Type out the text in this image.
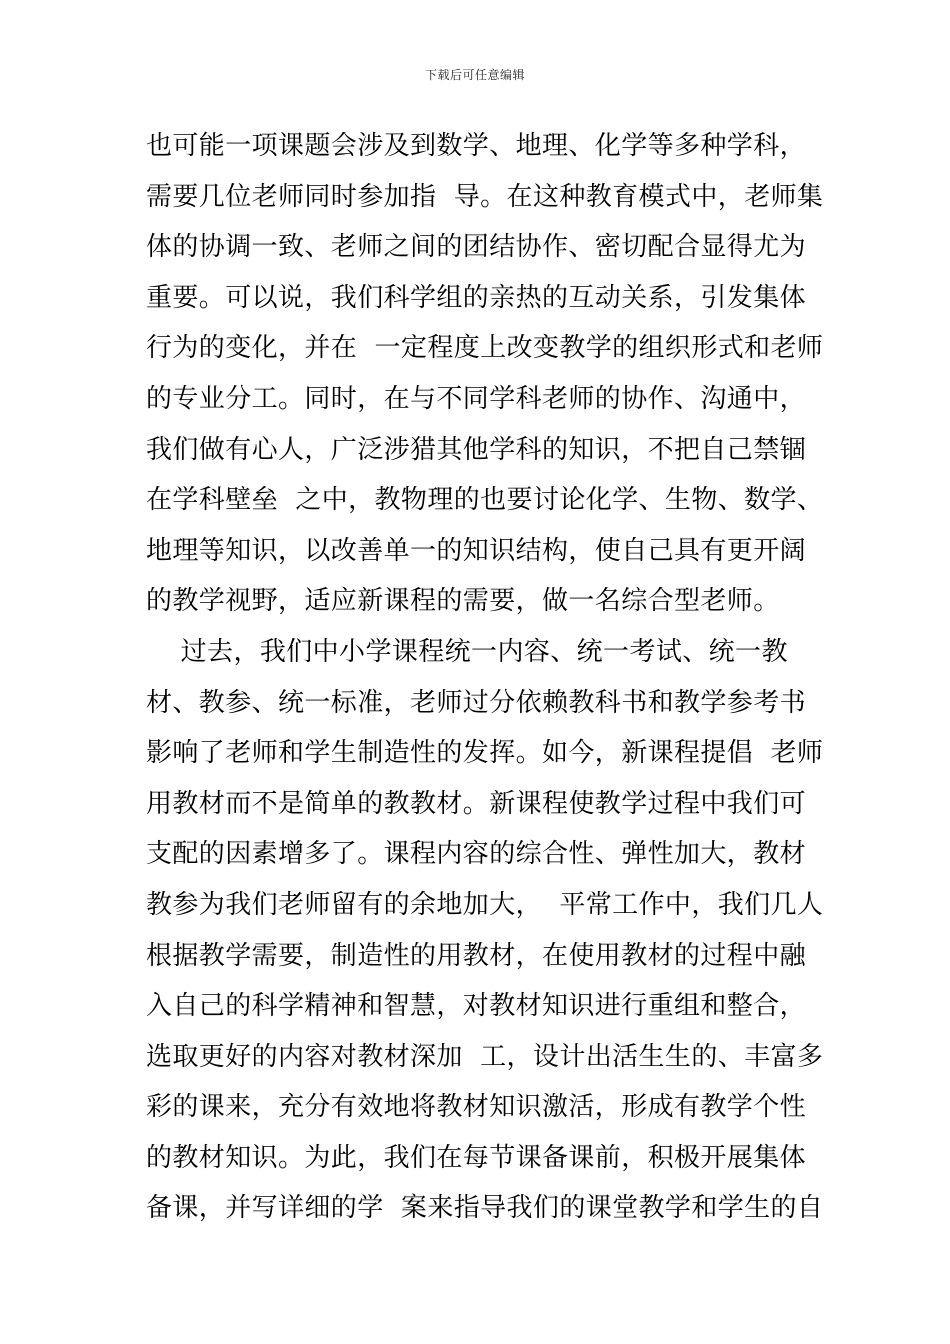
下载后可任意编辑
也可能一项课题会涉及到数学、地理、化学等多种学科，
需要几位老师同时参加指  导。在这种教育模式中，老师集
体的协调一致、老师之间的团结协作、密切配合显得尤为
重要。可以说，我们科学组的亲热的互动关系，引发集体
行为的变化，并在  一定程度上改变教学的组织形式和老师
的专业分工。同时，在与不同学科老师的协作、沟通中，
我们做有心人，广泛涉猎其他学科的知识，不把自己禁锢
在学科壁垒  之中，教物理的也要讨论化学、生物、数学、
地理等知识，以改善单一的知识结构，使自己具有更开阔
的教学视野，适应新课程的需要，做一名综合型老师。
过去，我们中小学课程统一内容、统一考试、统一教
材、教参、统一标准，老师过分依赖教科书和教学参考书
影响了老师和学生制造性的发挥。如今，新课程提倡  老师
用教材而不是简单的教教材。新课程使教学过程中我们可
支配的因素增多了。课程内容的综合性、弹性加大，教材
教参为我们老师留有的余地加大，  平常工作中，我们几人
根据教学需要，制造性的用教材，在使用教材的过程中融
入自己的科学精神和智慧，对教材知识进行重组和整合，
选取更好的内容对教材深加  工，设计出活生生的、丰富多
彩的课来，充分有效地将教材知识激活，形成有教学个性
的教材知识。为此，我们在每节课备课前，积极开展集体
备课，并写详细的学  案来指导我们的课堂教学和学生的自
